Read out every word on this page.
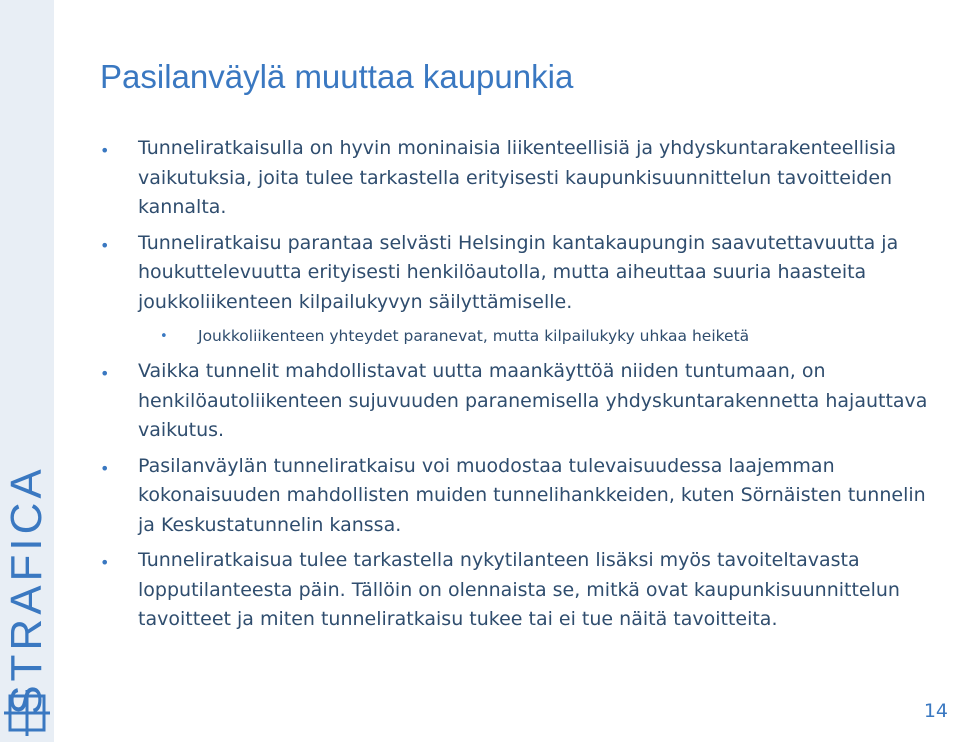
STRAFICA
Pasilanväylä muuttaa kaupunkia
• Tunneliratkaisulla on hyvin moninaisia liikenteellisiä ja yhdyskuntarakenteellisia vaikutuksia, joita tulee tarkastella erityisesti kaupunkisuunnittelun tavoitteiden kannalta.
• Tunneliratkaisu parantaa selvästi Helsingin kantakaupungin saavutettavuutta ja houkuttelevuutta erityisesti henkilöautolla, mutta aiheuttaa suuria haasteita joukkoliikenteen kilpailukyvyn säilyttämiselle.
• Joukkoliikenteen yhteydet paranevat, mutta kilpailukyky uhkaa heiketä
• Vaikka tunnelit mahdollistavat uutta maankäyttöä niiden tuntumaan, on henkilöautoliikenteen sujuvuuden paranemisella yhdyskuntarakennetta hajauttava vaikutus.
• Pasilanväylän tunneliratkaisu voi muodostaa tulevaisuudessa laajemman kokonaisuuden mahdollisten muiden tunnelihankkeiden, kuten Sörnäisten tunnelin ja Keskustatunnelin kanssa.
• Tunneliratkaisua tulee tarkastella nykytilanteen lisäksi myös tavoiteltavasta lopputilanteesta päin. Tällöin on olennaista se, mitkä ovat kaupunkisuunnittelun tavoitteet ja miten tunneliratkaisu tukee tai ei tue näitä tavoitteita.
14
